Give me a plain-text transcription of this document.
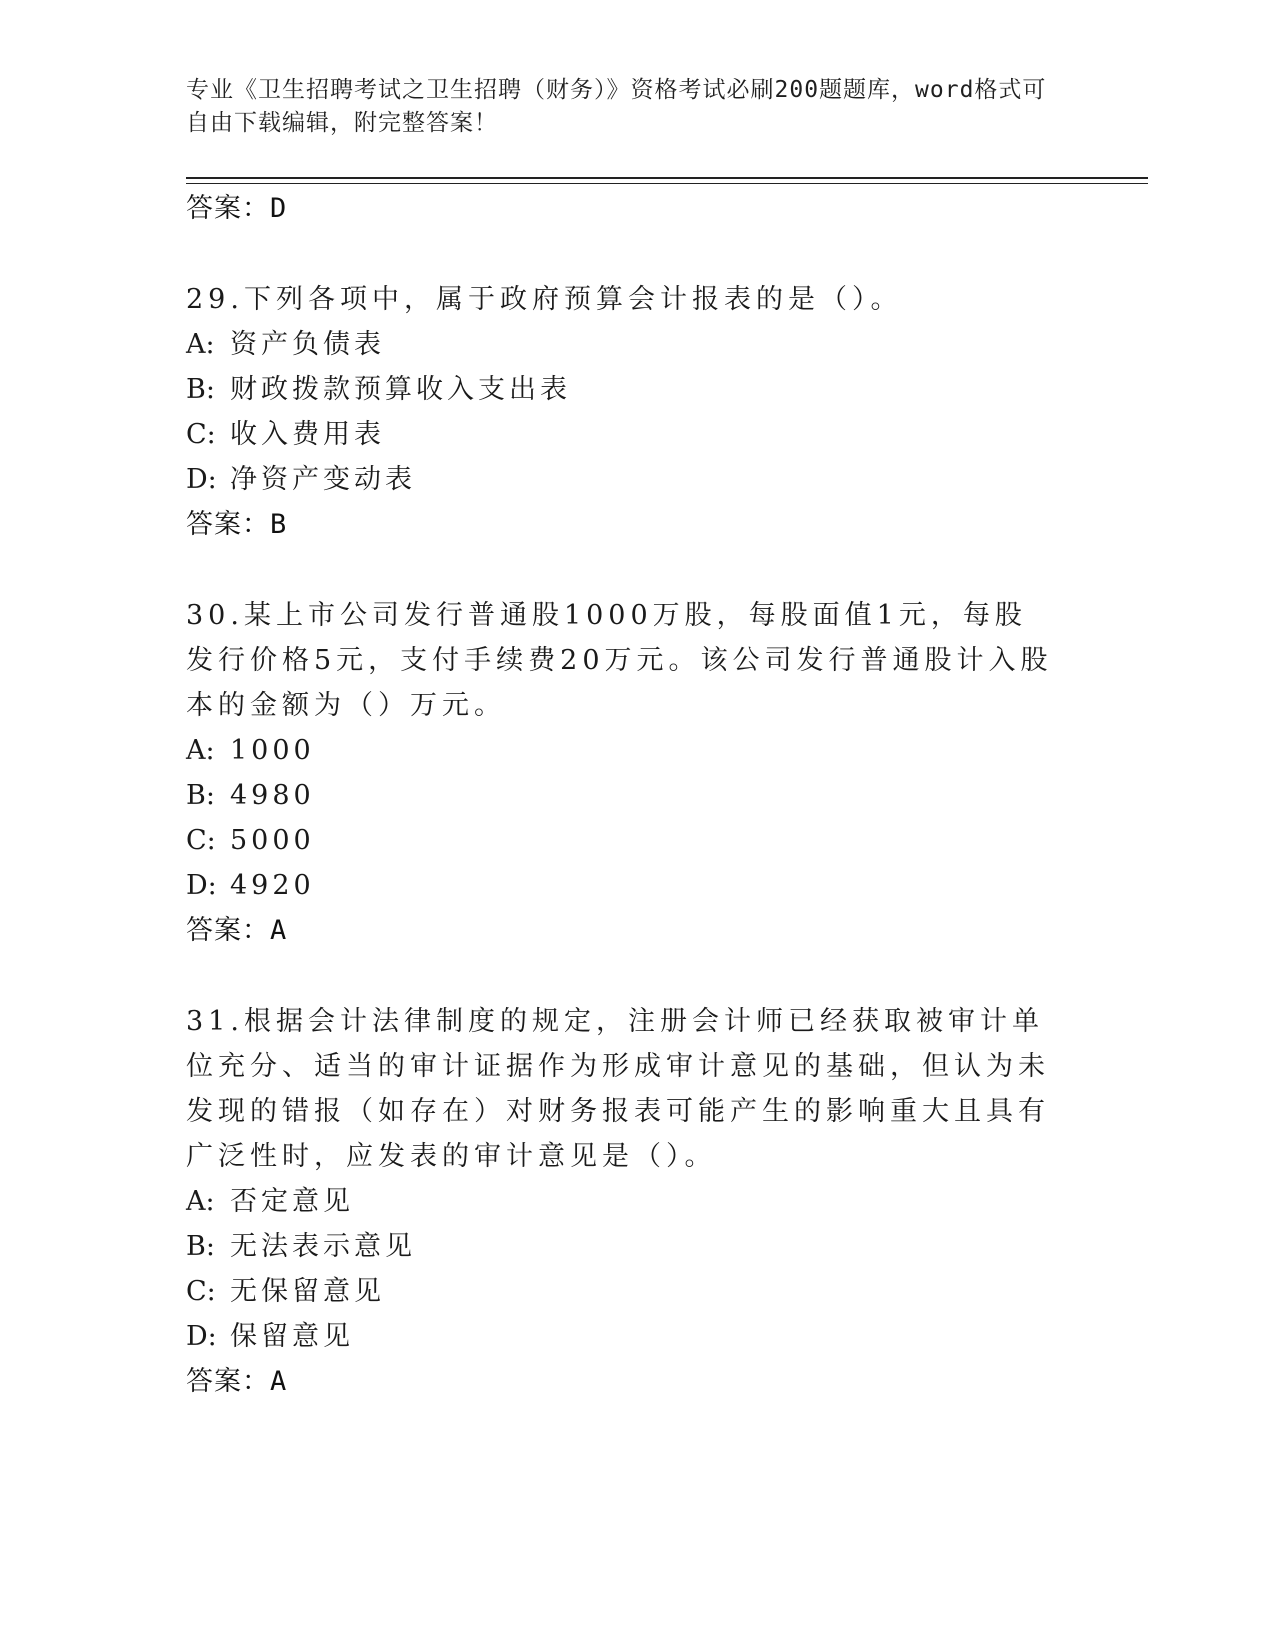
专业《卫生招聘考试之卫生招聘（财务）》资格考试必刷200题题库，word格式可自由下载编辑，附完整答案！

答案：D

29.下列各项中，属于政府预算会计报表的是（）。

A: 资产负债表

B: 财政拨款预算收入支出表

C: 收入费用表

D: 净资产变动表

答案：B

30.某上市公司发行普通股1000万股，每股面值1元，每股发行价格5元，支付手续费20万元。该公司发行普通股计入股本的金额为（）万元。

A: 1000

B: 4980

C: 5000

D: 4920

答案：A

31.根据会计法律制度的规定，注册会计师已经获取被审计单位充分、适当的审计证据作为形成审计意见的基础，但认为未发现的错报（如存在）对财务报表可能产生的影响重大且具有广泛性时，应发表的审计意见是（）。

A: 否定意见

B: 无法表示意见

C: 无保留意见

D: 保留意见

答案：A
